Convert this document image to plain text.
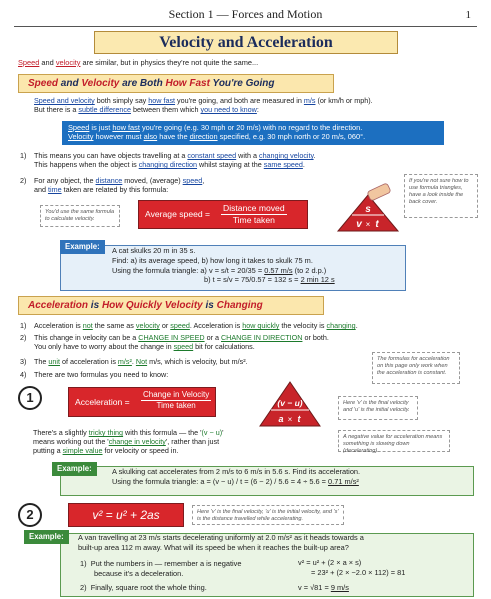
Section 1 — Forces and Motion	1
Velocity and Acceleration
Speed and velocity are similar, but in physics they're not quite the same...
Speed and Velocity are Both How Fast You're Going
Speed and velocity both simply say how fast you're going, and both are measured in m/s (or km/h or mph).
But there is a subtle difference between them which you need to know:
Speed is just how fast you're going (e.g. 30 mph or 20 m/s) with no regard to the direction.
Velocity however must also have the direction specified, e.g. 30 mph north or 20 m/s, 060°.
1) This means you can have objects travelling at a constant speed with a changing velocity.
This happens when the object is changing direction whilst staying at the same speed.
2) For any object, the distance moved, (average) speed,
and time taken are related by this formula:
If you're not sure how to use formula triangles, have a look inside the back cover.
You'd use the same formula to calculate velocity.	Average speed =
Distance moved
Time taken
s
v × t
Example:	A cat skulks 20 m in 35 s.
Find: a) its average speed, b) how long it takes to skulk 75 m.
Using the formula triangle: a) v = s/t = 20/35 = 0.57 m/s (to 2 d.p.)
b) t = s/v = 75/0.57 = 132 s = 2 min 12 s
Acceleration is How Quickly Velocity is Changing
1) Acceleration is not the same as velocity or speed. Acceleration is how quickly the velocity is changing.
2) This change in velocity can be a CHANGE IN SPEED or a CHANGE IN DIRECTION or both.
You only have to worry about the change in speed bit for calculations.
3) The unit of acceleration is m/s². Not m/s, which is velocity, but m/s².
4) There are two formulas you need to know:
The formulas for acceleration on this page only work when the acceleration is constant.
1	Acceleration =
Change in Velocity
Time taken	(v − u)
a × t
Here 'v' is the final velocity and 'u' is the initial velocity.
There's a slightly tricky thing with this formula — the '(v − u)'
means working out the 'change in velocity', rather than just
putting a simple value for velocity or speed in.
A negative value for acceleration means something is slowing down (decelerating).
Example:	A skulking cat accelerates from 2 m/s to 6 m/s in 5.6 s. Find its acceleration.
Using the formula triangle: a = (v − u) / t = (6 − 2) / 5.6 = 4 ÷ 5.6 = 0.71 m/s²
2	v² = u² + 2as	Here 'v' is the final velocity, 'u' is the initial velocity, and 's' is the distance travelled while accelerating.
Example:	A van travelling at 23 m/s starts decelerating uniformly at 2.0 m/s² as it heads towards a
built-up area 112 m away. What will its speed be when it reaches the built-up area?
1) Put the numbers in — remember a is negative
because it's a deceleration.
2) Finally, square root the whole thing.
v² = u² + (2 × a × s)
= 23² + (2 × −2.0 × 112) = 81
v = √81 = 9 m/s
